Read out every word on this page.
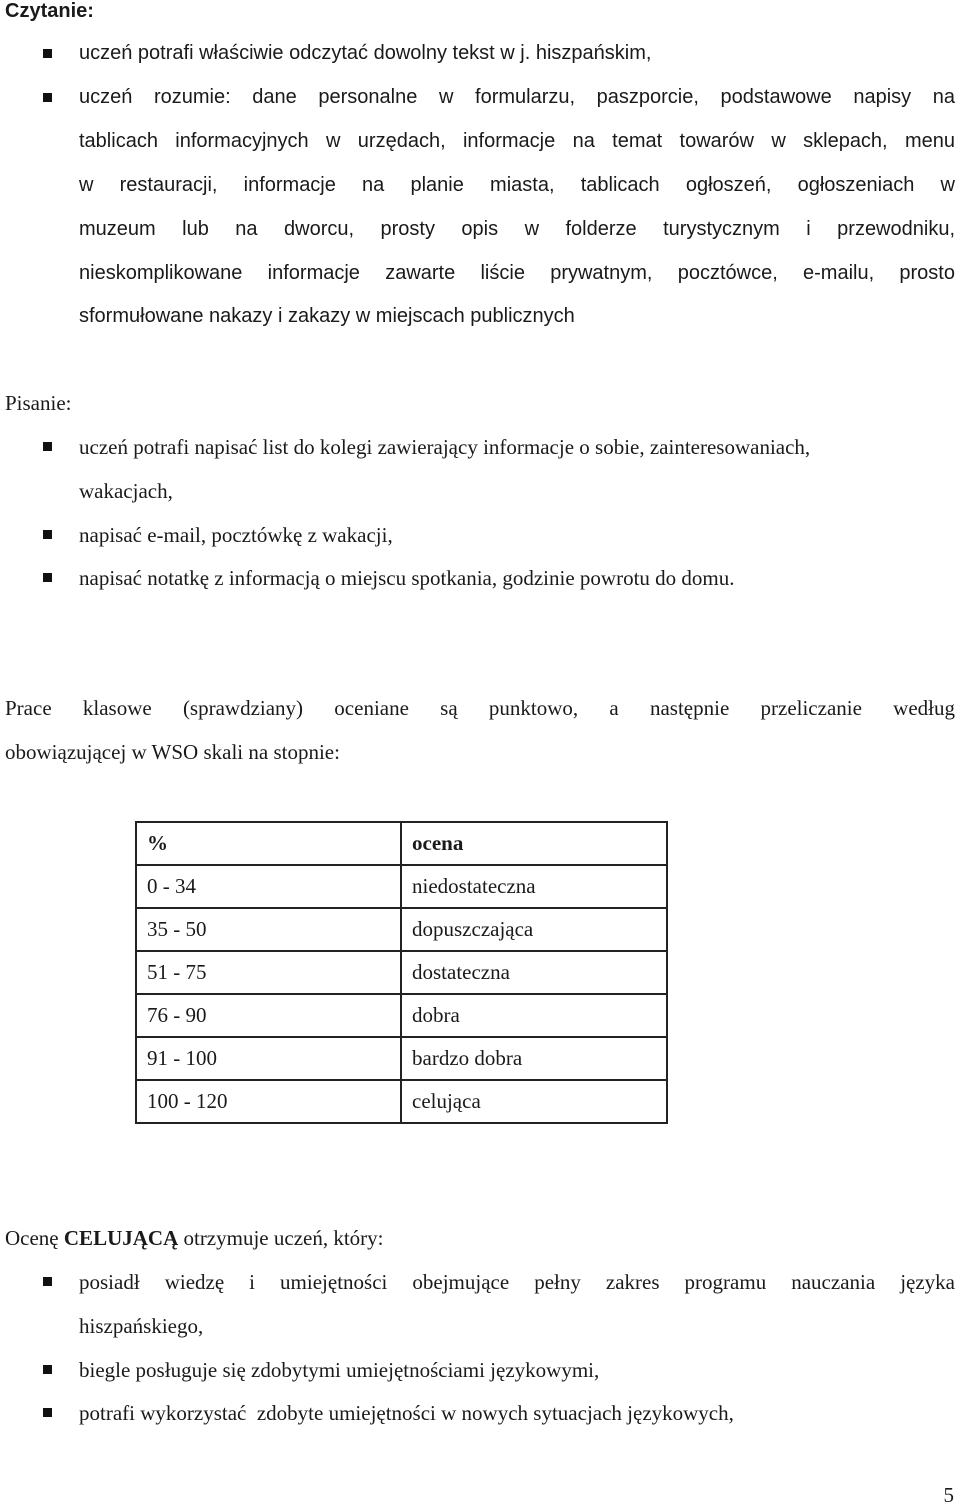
Czytanie:
uczeń potrafi właściwie odczytać dowolny tekst w j. hiszpańskim,
uczeń rozumie: dane personalne w formularzu, paszporcie, podstawowe napisy na
tablicach informacyjnych w urzędach, informacje na temat towarów w sklepach, menu
w restauracji, informacje na planie miasta, tablicach ogłoszeń, ogłoszeniach w
muzeum lub na dworcu, prosty opis w folderze turystycznym i przewodniku,
nieskomplikowane informacje zawarte liście prywatnym, pocztówce, e-mailu, prosto
sformułowane nakazy i zakazy w miejscach publicznych
Pisanie:
uczeń potrafi napisać list do kolegi zawierający informacje o sobie, zainteresowaniach,
wakacjach,
napisać e-mail, pocztówkę z wakacji,
napisać notatkę z informacją o miejscu spotkania, godzinie powrotu do domu.
Prace klasowe (sprawdziany) oceniane są punktowo, a następnie przeliczanie według
obowiązującej w WSO skali na stopnie:
%	ocena
0 - 34	niedostateczna
35 - 50	dopuszczająca
51 - 75	dostateczna
76 - 90	dobra
91 - 100	bardzo dobra
100 - 120	celująca
Ocenę CELUJĄCĄ otrzymuje uczeń, który:
posiadł wiedzę i umiejętności obejmujące pełny zakres programu nauczania języka
hiszpańskiego,
biegle posługuje się zdobytymi umiejętnościami językowymi,
potrafi wykorzystać  zdobyte umiejętności w nowych sytuacjach językowych,
5
